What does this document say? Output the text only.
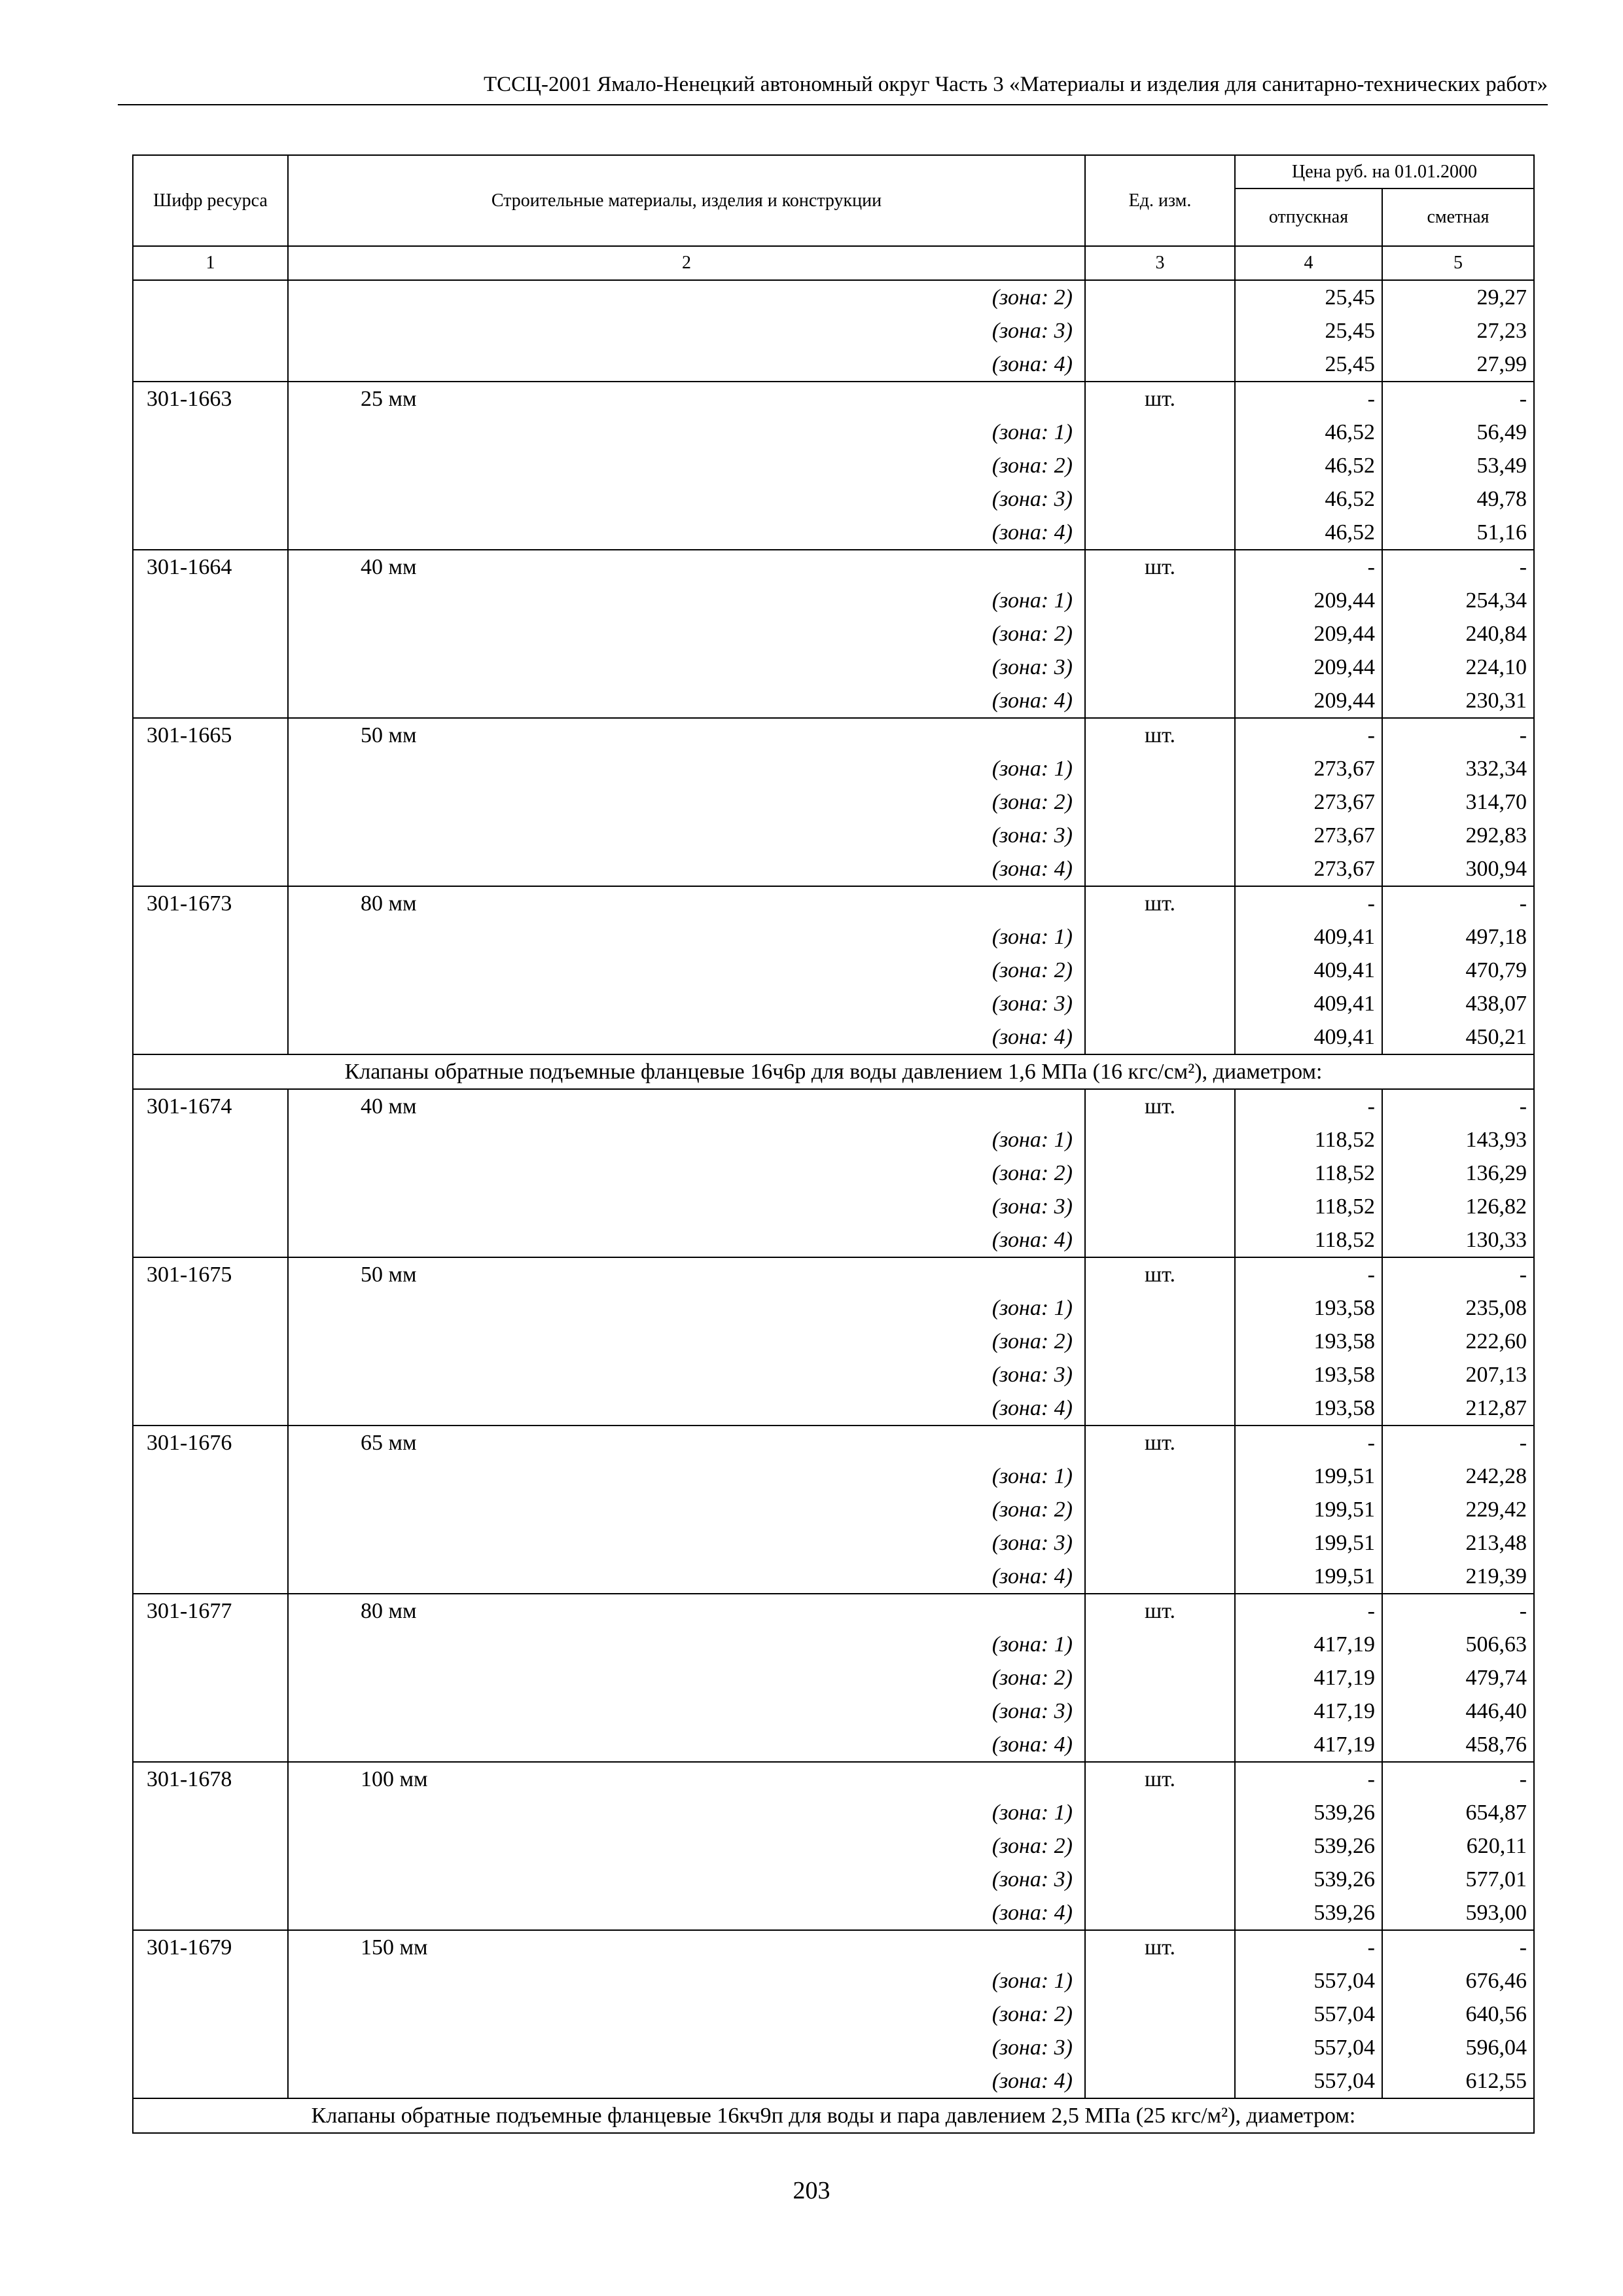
ТССЦ-2001 Ямало-Ненецкий автономный округ Часть 3 «Материалы и изделия для санитарно-технических работ»
Шифр ресурса	Строительные материалы, изделия и конструкции	Ед. изм.	Цена руб. на 01.01.2000	
			отпускная	сметная
1	2	3	4	5
	(зона: 2)		25,45	29,27
	(зона: 3)		25,45	27,23
	(зона: 4)		25,45	27,99
301-1663	25 мм	шт.	-	-
	(зона: 1)		46,52	56,49
	(зона: 2)		46,52	53,49
	(зона: 3)		46,52	49,78
	(зона: 4)		46,52	51,16
301-1664	40 мм	шт.	-	-
	(зона: 1)		209,44	254,34
	(зона: 2)		209,44	240,84
	(зона: 3)		209,44	224,10
	(зона: 4)		209,44	230,31
301-1665	50 мм	шт.	-	-
	(зона: 1)		273,67	332,34
	(зона: 2)		273,67	314,70
	(зона: 3)		273,67	292,83
	(зона: 4)		273,67	300,94
301-1673	80 мм	шт.	-	-
	(зона: 1)		409,41	497,18
	(зона: 2)		409,41	470,79
	(зона: 3)		409,41	438,07
	(зона: 4)		409,41	450,21
Клапаны обратные подъемные фланцевые 16ч6р для воды давлением 1,6 МПа (16 кгс/см²), диаметром:				
301-1674	40 мм	шт.	-	-
	(зона: 1)		118,52	143,93
	(зона: 2)		118,52	136,29
	(зона: 3)		118,52	126,82
	(зона: 4)		118,52	130,33
301-1675	50 мм	шт.	-	-
	(зона: 1)		193,58	235,08
	(зона: 2)		193,58	222,60
	(зона: 3)		193,58	207,13
	(зона: 4)		193,58	212,87
301-1676	65 мм	шт.	-	-
	(зона: 1)		199,51	242,28
	(зона: 2)		199,51	229,42
	(зона: 3)		199,51	213,48
	(зона: 4)		199,51	219,39
301-1677	80 мм	шт.	-	-
	(зона: 1)		417,19	506,63
	(зона: 2)		417,19	479,74
	(зона: 3)		417,19	446,40
	(зона: 4)		417,19	458,76
301-1678	100 мм	шт.	-	-
	(зона: 1)		539,26	654,87
	(зона: 2)		539,26	620,11
	(зона: 3)		539,26	577,01
	(зона: 4)		539,26	593,00
301-1679	150 мм	шт.	-	-
	(зона: 1)		557,04	676,46
	(зона: 2)		557,04	640,56
	(зона: 3)		557,04	596,04
	(зона: 4)		557,04	612,55
Клапаны обратные подъемные фланцевые 16кч9п для воды и пара давлением 2,5 МПа (25 кгс/м²), диаметром:				
203
